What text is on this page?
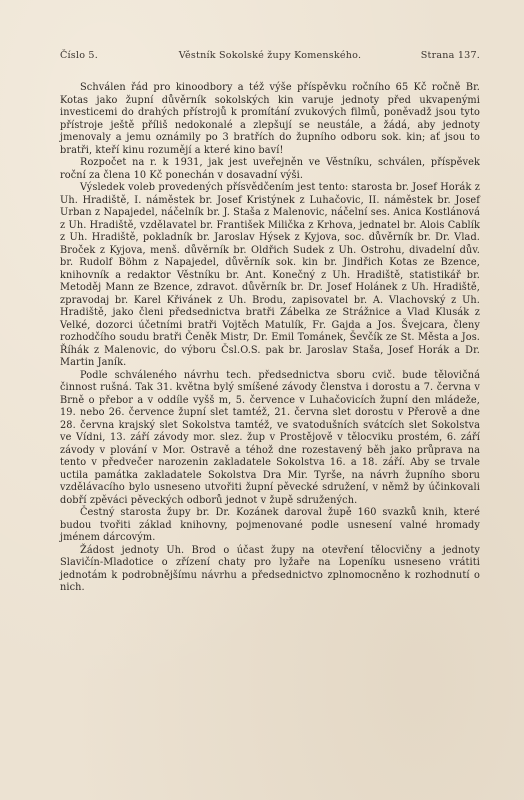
Věstník Sokolské župy Komenského.
Číslo 5.	Strana 137.

Schválen řád pro kinoodbory a též výše příspěvku ročního 65 Kč ročně Br. Kotas jako župní důvěrník sokolských kin varuje jednoty před ukvapenými investicemi do drahých přístrojů k promítání zvukových filmů, poněvadž jsou tyto přístroje ještě příliš nedokonalé a zlepšují se neustále, a žádá, aby jednoty jmenovaly a jemu oznámily po 3 bratřích do župního odboru sok. kin; ať jsou to bratři, kteří kinu rozumějí a které kino baví!

Rozpočet na r. k 1931, jak jest uveřejněn ve Věstníku, schválen, příspěvek roční za člena 10 Kč ponechán v dosavadní výši.

Výsledek voleb provedených přísvědčením jest tento: starosta br. Josef Horák z Uh. Hradiště, I. náměstek br. Josef Kristýnek z Luhačovic, II. náměstek br. Josef Urban z Napajedel, náčelník br. J. Staša z Malenovic, náčelní ses. Anica Kostlánová z Uh. Hradiště, vzdělavatel br. František Milička z Krhova, jednatel br. Alois Cablík z Uh. Hradiště, pokladník br. Jaroslav Hýsek z Kyjova, soc. důvěrník br. Dr. Vlad. Broček z Kyjova, menš. důvěrník br. Oldřich Sudek z Uh. Ostrohu, divadelní dův. br. Rudolf Böhm z Napajedel, důvěrník sok. kin br. Jindřich Kotas ze Bzence, knihovník a redaktor Věstníku br. Ant. Konečný z Uh. Hradiště, statistikář br. Metoděj Mann ze Bzence, zdravot. důvěrník br. Dr. Josef Holánek z Uh. Hradiště, zpravodaj br. Karel Křivánek z Uh. Brodu, zapisovatel br. A. Vlachovský z Uh. Hradiště, jako členi předsednictva bratři Zábelka ze Strážnice a Vlad Klusák z Velké, dozorci účetními bratři Vojtěch Matulík, Fr. Gajda a Jos. Švejcara, členy rozhodčího soudu bratři Čeněk Mistr, Dr. Emil Tománek, Ševčík ze St. Města a Jos. Říhák z Malenovic, do výboru Čsl.O.S. pak br. Jaroslav Staša, Josef Horák a Dr. Martin Janík.

Podle schváleného návrhu tech. předsednictva sboru cvič. bude tělovičná činnost rušná. Tak 31. května bylý smíšené závody členstva i dorostu a 7. června v Brně o přebor a v oddíle vyšš m, 5. července v Luhačovicích župní den mládeže, 19. nebo 26. července župní slet tamtéž, 21. června slet dorostu v Přerově a dne 28. června krajský slet Sokolstva tamtéž, ve svatodušních svátcích slet Sokolstva ve Vídni, 13. září závody mor. slez. žup v Prostějově v tělocviku prostém, 6. září závody v plování v Mor. Ostravě a téhož dne rozestavený běh jako průprava na tento v předvečer narozenin zakladatele Sokolstva 16. a 18. září. Aby se trvale uctila památka zakladatele Sokolstva Dra Mir. Tyrše, na návrh župního sboru vzdělávacího bylo usneseno utvořiti župní pěvecké sdružení, v němž by účinkovali dobří zpěváci pěveckých odborů jednot v župě sdružených.

Čestný starosta župy br. Dr. Kozánek daroval župě 160 svazků knih, které budou tvořiti základ knihovny, pojmenované podle usnesení valné hromady jménem dárcovým.

Žádost jednoty Uh. Brod o účast župy na otevření tělocvičny a jednoty Slavičín-Mladotice o zřízení chaty pro lyžaře na Lopeníku usneseno vrátiti jednotám k podrobnějšímu návrhu a předsednictvo zplnomocněno k rozhodnutí o nich.
